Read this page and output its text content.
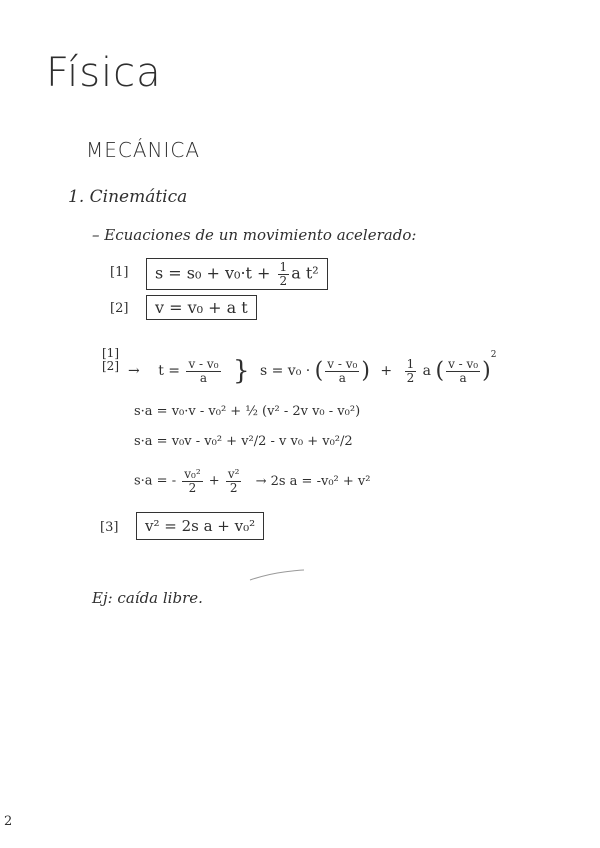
Física
MECÁNICA
1. Cinemática
– Ecuaciones de un movimiento acelerado:
[1]	$s = s_0 + v_0\cdot t + \frac{1}{2}$ a t²
[2]	v = v₀ + a t
[1]
$[2] \to t = \frac{\text{v - v₀}}{a}$ } s = v₀ · ( $\frac{\text{v - v₀}}{a}$ ) + $\frac{1}{2}$ a ( $\frac{\text{v - v₀}}{a} )^2$
s·a = v₀·v - v₀² + ½ (v² - 2v v₀ - v₀²)
s·a = v₀v - v₀² + v²/2 - v v₀ + v₀²/2
s·a = - $\frac{\text{v₀²}}{2} + \frac{\text{v²}}{2} \to 2s$ a = -v₀² + v²
[3]	v² = 2s a + v₀²
Ej: caída libre.
2
